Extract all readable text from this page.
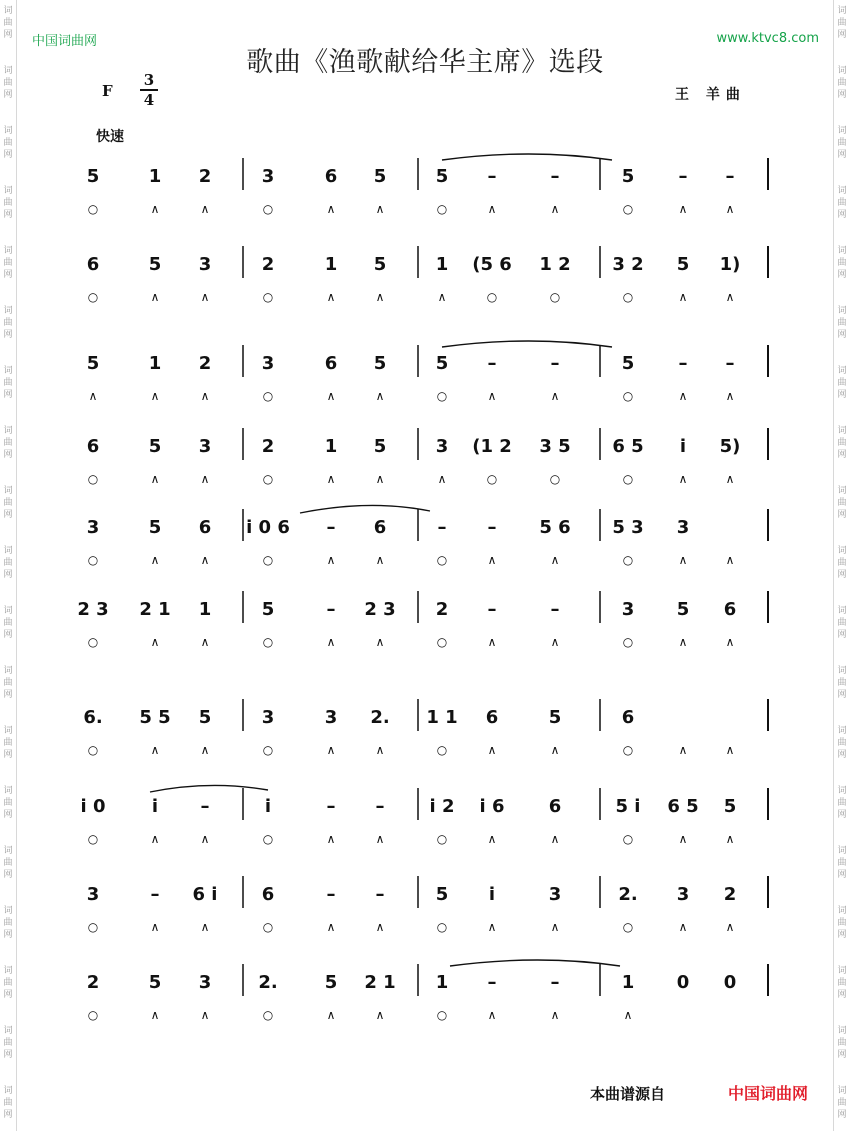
词
曲
网
词
曲
网
词
曲
网
词
曲
网
词
曲
网
词
曲
网
词
曲
网
词
曲
网
词
曲
网
词
曲
网
词
曲
网
词
曲
网
词
曲
网
词
曲
网
词
曲
网
词
曲
网
词
曲
网
词
曲
网
词
曲
网
词
曲
网
词
曲
网
词
曲
网
词
曲
网
词
曲
网
词
曲
网
词
曲
网
词
曲
网
词
曲
网
词
曲
网
词
曲
网
词
曲
网
词
曲
网
词
曲
网
词
曲
网
词
曲
网
词
曲
网
词
曲
网
词
曲
网
中国词曲网	www.ktvc8.com
歌曲《渔歌献给华主席》选段
F
3
4	王 羊曲
快速
5	1 2	3	6 5	5 –	–	5 – –
○	∧	∧	○	∧	∧	○	∧	∧	○	∧	∧
6	5 3	2	1 5	1 (5 6 1 2 3 2 5 1)
○	∧	∧	○	∧	∧	∧	○	○	○	∧	∧
5	1 2	3	6 5	5 –	–	5 – –
∧	∧	∧	○	∧	∧	○	∧	∧	○	∧	∧
6	5 3	2	1 5	3 (1 2 3 5 6 5 i 5)
○	∧	∧	○	∧	∧	∧	○	○	○	∧	∧
3	5 6 i 0 6 – 6	– – 5 6 5 3 3
○	∧	∧	○	∧	∧	○	∧	∧	○	∧	∧
2 3 2 1 1	5	– 2 3 2 –	–	3 5 6
○	∧	∧	○	∧	∧	○	∧	∧	○	∧	∧
6. 5 5 5	3	3 2. 1 1 6	5	6
○	∧	∧	○	∧	∧	○	∧	∧	○	∧	∧
i 0	i –	i	– –	i 2 i 6 6	5 i 6 5 5
○	∧	∧	○	∧	∧	○	∧	∧	○	∧	∧
3	– 6 i 6	– –	5 i	3	2. 3 2
○	∧	∧	○	∧	∧	○	∧	∧	○	∧	∧
2	5 3	2.	5 2 1 1 –	–	1 0 0
○	∧	∧	○	∧	∧	○	∧	∧	∧
本曲谱源自	中国词曲网
